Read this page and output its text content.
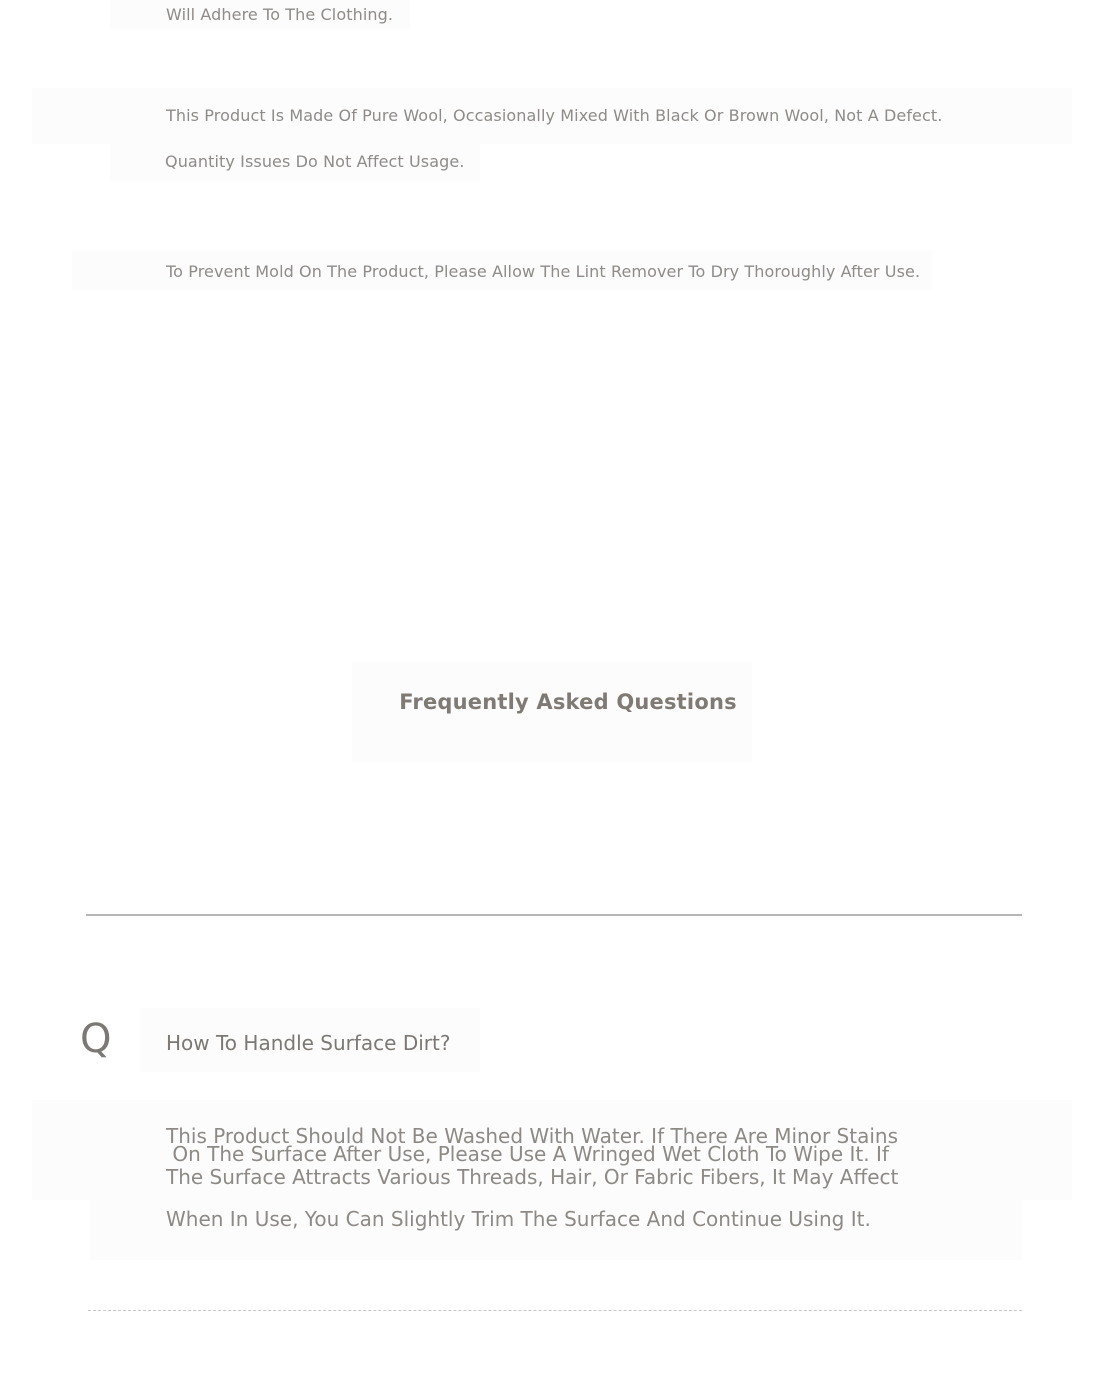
Will Adhere To The Clothing.

This Product Is Made Of Pure Wool, Occasionally Mixed With Black Or Brown Wool, Not A Defect.

Quantity Issues Do Not Affect Usage.

To Prevent Mold On The Product, Please Allow The Lint Remover To Dry Thoroughly After Use.

Frequently Asked Questions
Q	How To Handle Surface Dirt?

This Product Should Not Be Washed With Water. If There Are Minor Stains

On The Surface After Use, Please Use A Wringed Wet Cloth To Wipe It. If

The Surface Attracts Various Threads, Hair, Or Fabric Fibers, It May Affect

When In Use, You Can Slightly Trim The Surface And Continue Using It.
